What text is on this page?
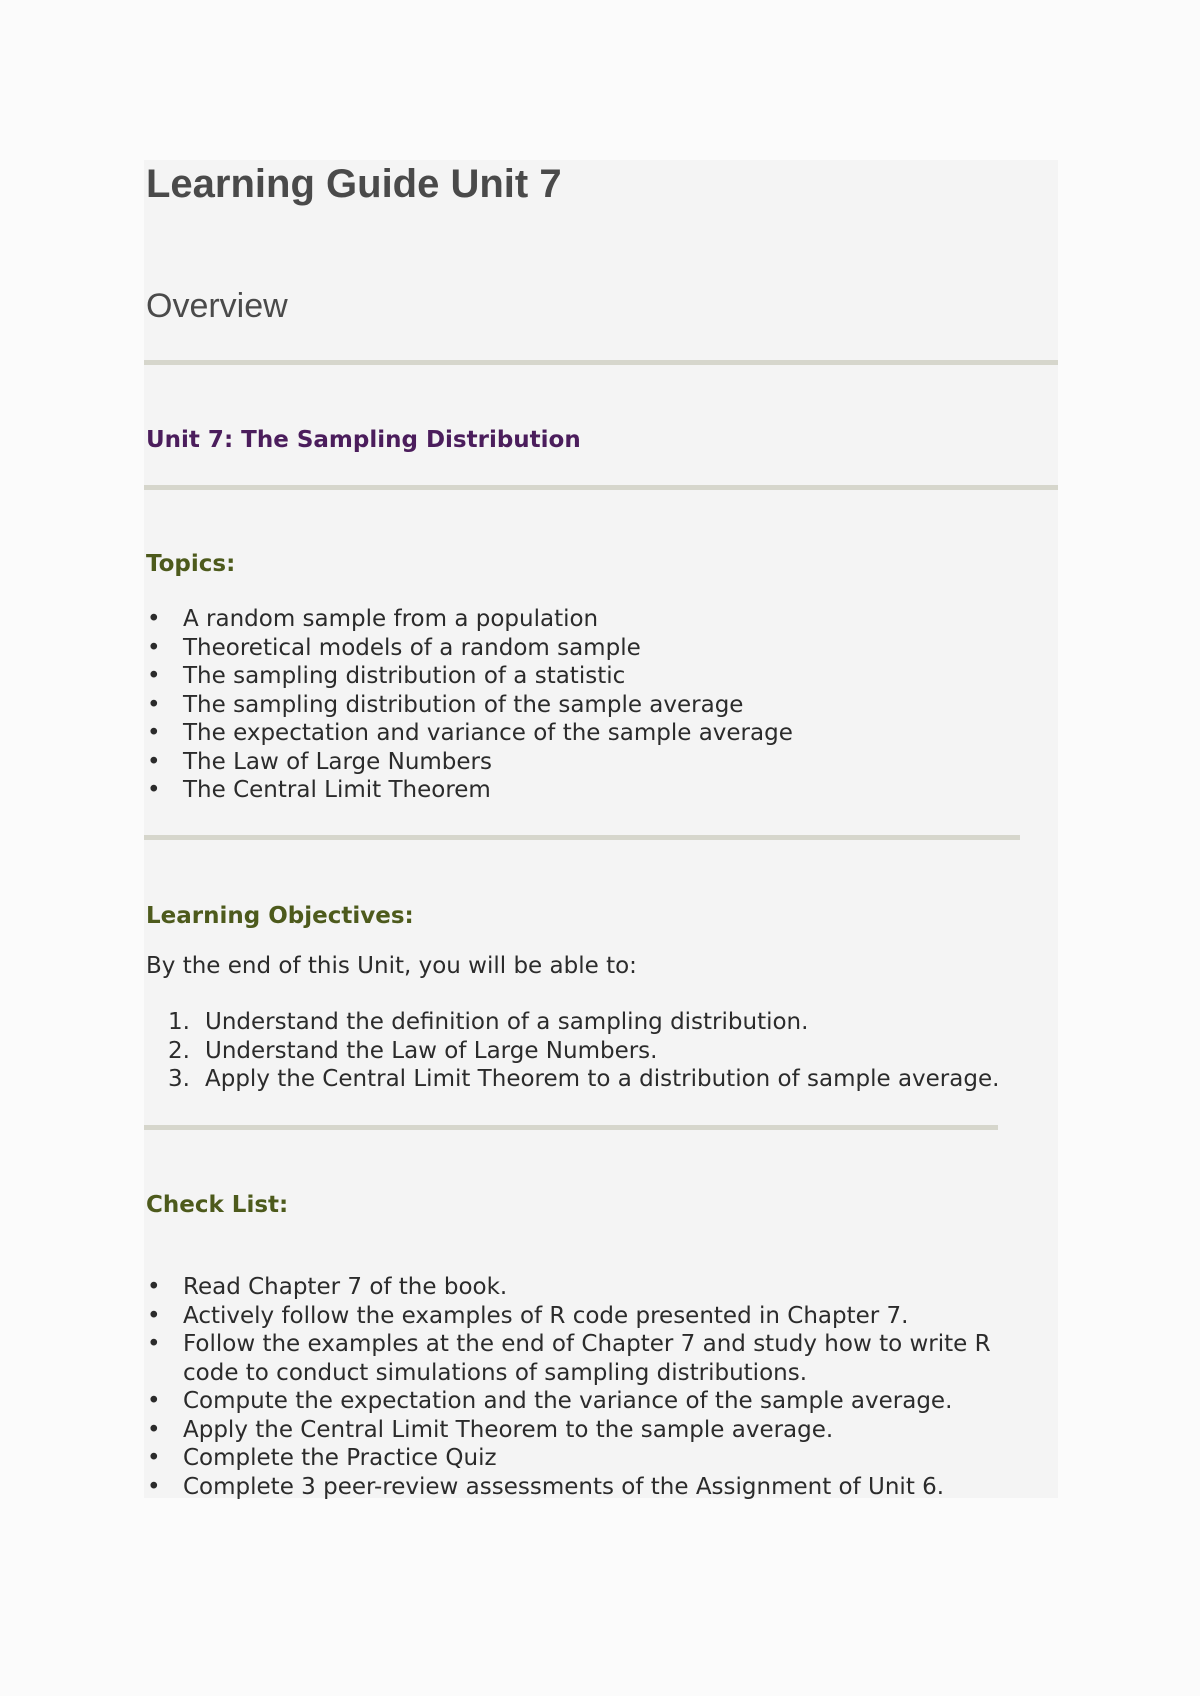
Learning Guide Unit 7
Overview
Unit 7: The Sampling Distribution
Topics:
• A random sample from a population
• Theoretical models of a random sample
• The sampling distribution of a statistic
• The sampling distribution of the sample average
• The expectation and variance of the sample average
• The Law of Large Numbers
• The Central Limit Theorem
Learning Objectives:

By the end of this Unit, you will be able to:

1. Understand the definition of a sampling distribution.
2. Understand the Law of Large Numbers.
3. Apply the Central Limit Theorem to a distribution of sample average.
Check List:
• Read Chapter 7 of the book.
• Actively follow the examples of R code presented in Chapter 7.
• Follow the examples at the end of Chapter 7 and study how to write R code to conduct simulations of sampling distributions.
• Compute the expectation and the variance of the sample average.
• Apply the Central Limit Theorem to the sample average.
• Complete the Practice Quiz
• Complete 3 peer-review assessments of the Assignment of Unit 6.
